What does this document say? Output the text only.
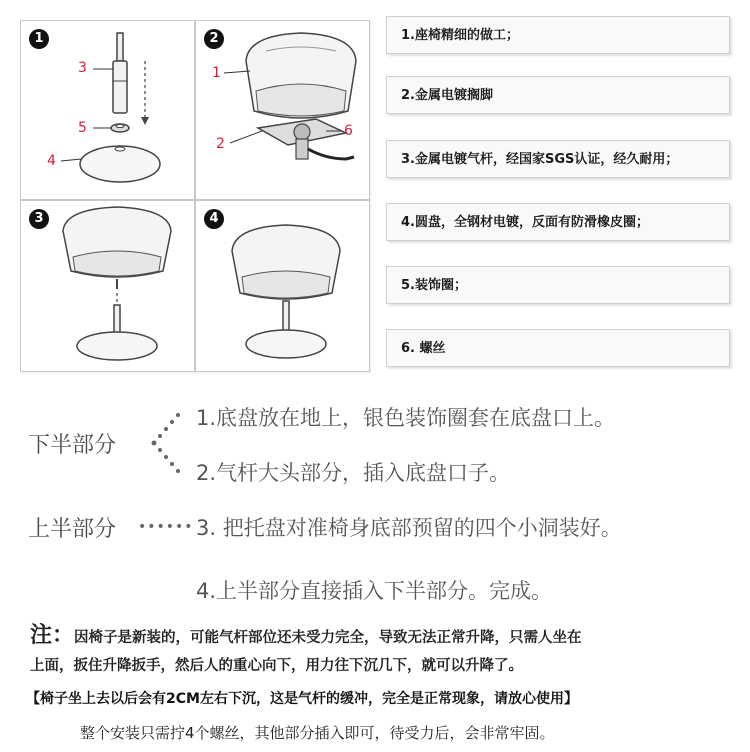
1
3
5
4
2
1
2
6
3	4
1.座椅精细的做工；
2.金属电镀搁脚
3.金属电镀气杆，经国家SGS认证，经久耐用；
4.圆盘，全钢材电镀，反面有防滑橡皮圈；
5.装饰圈；
6. 螺丝
下半部分
1.底盘放在地上，银色装饰圈套在底盘口上。
2.气杆大头部分，插入底盘口子。
上半部分 •••••• 3. 把托盘对准椅身底部预留的四个小洞装好。
4.上半部分直接插入下半部分。完成。
注：因椅子是新装的，可能气杆部位还未受力完全，导致无法正常升降，只需人坐在
上面，扳住升降扳手，然后人的重心向下，用力往下沉几下，就可以升降了。
【椅子坐上去以后会有2CM左右下沉，这是气杆的缓冲，完全是正常现象，请放心使用】
整个安装只需拧4个螺丝，其他部分插入即可，待受力后，会非常牢固。
